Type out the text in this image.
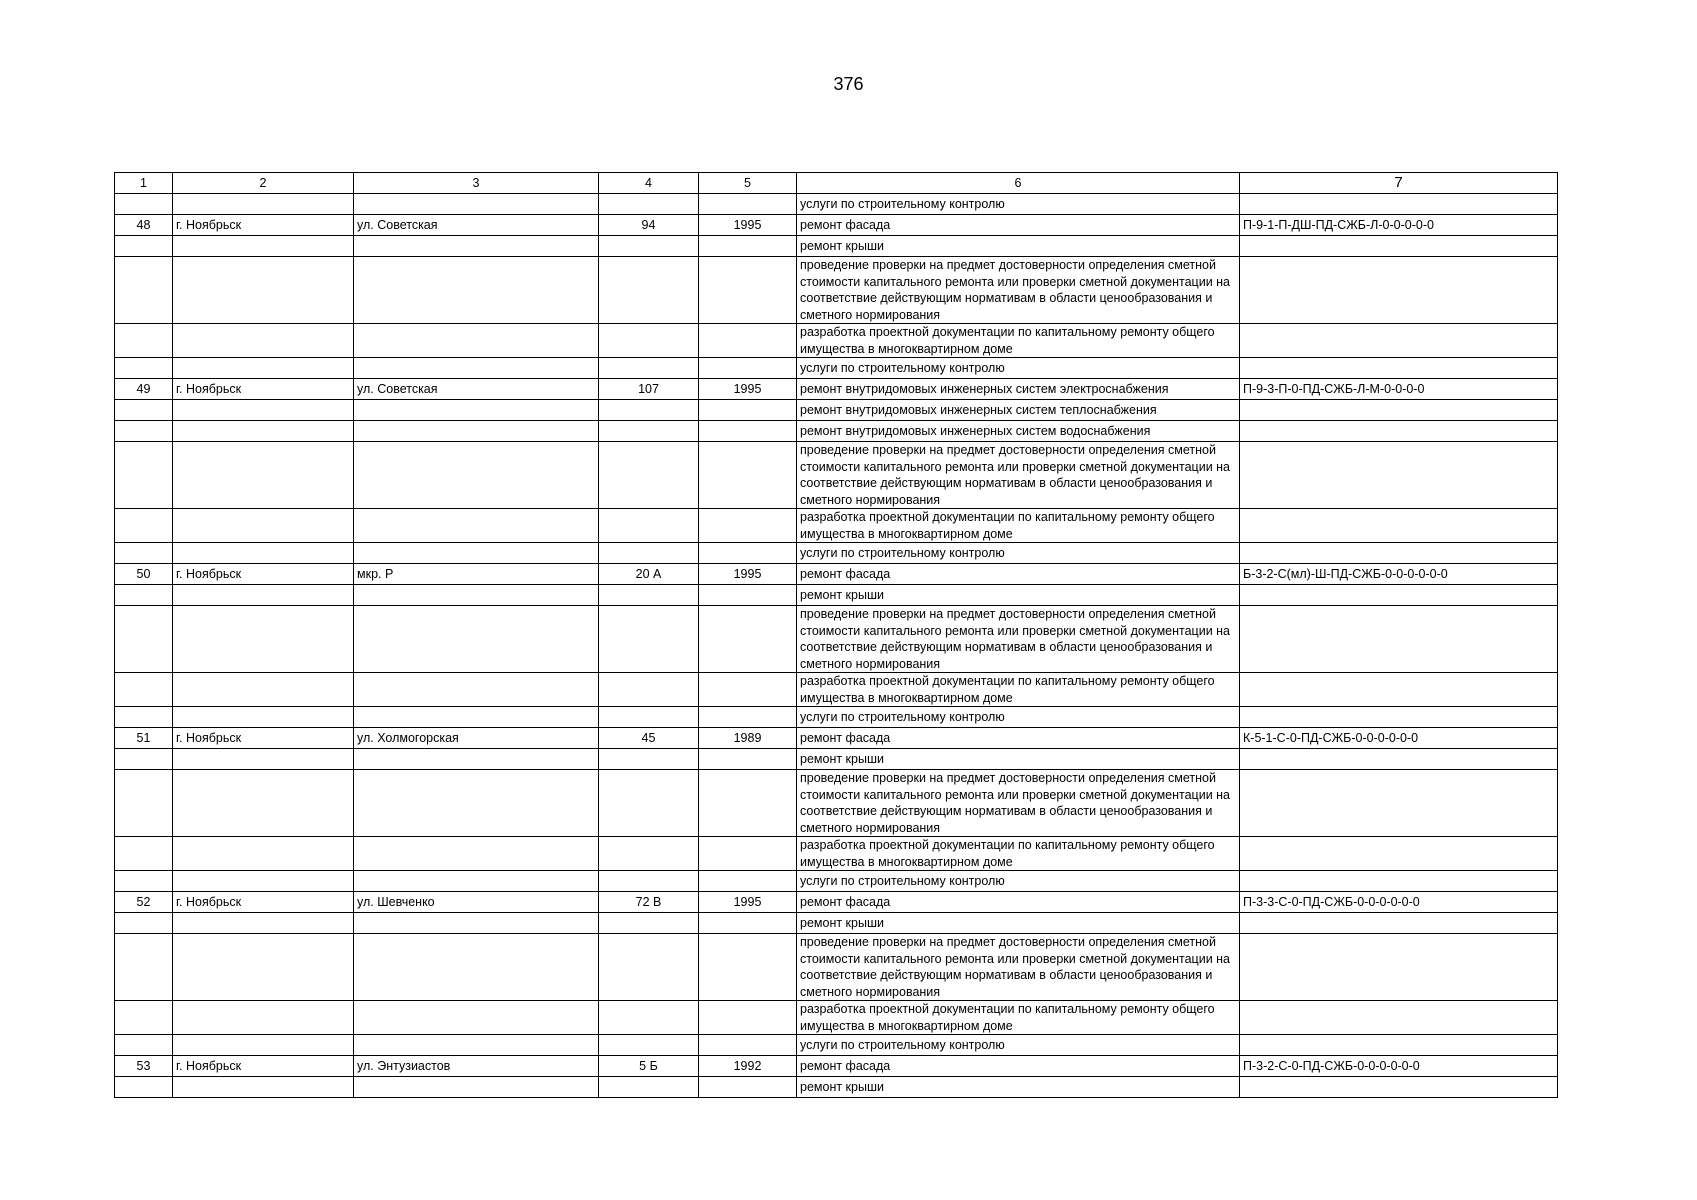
376
1	2	3	4	5	6	7
					услуги по строительному контролю	
48	г. Ноябрьск	ул. Советская	94	1995	ремонт фасада	П-9-1-П-ДШ-ПД-СЖБ-Л-0-0-0-0-0
					ремонт крыши	
					проведение проверки на предмет достоверности определения сметной стоимости капитального ремонта или проверки сметной документации на соответствие действующим нормативам в области ценообразования и сметного нормирования	
					разработка проектной документации по капитальному ремонту общего имущества в многоквартирном доме	
					услуги по строительному контролю	
49	г. Ноябрьск	ул. Советская	107	1995	ремонт внутридомовых инженерных систем электроснабжения	П-9-3-П-0-ПД-СЖБ-Л-М-0-0-0-0
					ремонт внутридомовых инженерных систем теплоснабжения	
					ремонт внутридомовых инженерных систем водоснабжения	
					проведение проверки на предмет достоверности определения сметной стоимости капитального ремонта или проверки сметной документации на соответствие действующим нормативам в области ценообразования и сметного нормирования	
					разработка проектной документации по капитальному ремонту общего имущества в многоквартирном доме	
					услуги по строительному контролю	
50	г. Ноябрьск	мкр. Р	20 А	1995	ремонт фасада	Б-3-2-С(мл)-Ш-ПД-СЖБ-0-0-0-0-0-0
					ремонт крыши	
					проведение проверки на предмет достоверности определения сметной стоимости капитального ремонта или проверки сметной документации на соответствие действующим нормативам в области ценообразования и сметного нормирования	
					разработка проектной документации по капитальному ремонту общего имущества в многоквартирном доме	
					услуги по строительному контролю	
51	г. Ноябрьск	ул. Холмогорская	45	1989	ремонт фасада	К-5-1-С-0-ПД-СЖБ-0-0-0-0-0-0
					ремонт крыши	
					проведение проверки на предмет достоверности определения сметной стоимости капитального ремонта или проверки сметной документации на соответствие действующим нормативам в области ценообразования и сметного нормирования	
					разработка проектной документации по капитальному ремонту общего имущества в многоквартирном доме	
					услуги по строительному контролю	
52	г. Ноябрьск	ул. Шевченко	72 В	1995	ремонт фасада	П-3-3-С-0-ПД-СЖБ-0-0-0-0-0-0
					ремонт крыши	
					проведение проверки на предмет достоверности определения сметной стоимости капитального ремонта или проверки сметной документации на соответствие действующим нормативам в области ценообразования и сметного нормирования	
					разработка проектной документации по капитальному ремонту общего имущества в многоквартирном доме	
					услуги по строительному контролю	
53	г. Ноябрьск	ул. Энтузиастов	5 Б	1992	ремонт фасада	П-3-2-С-0-ПД-СЖБ-0-0-0-0-0-0
					ремонт крыши	
